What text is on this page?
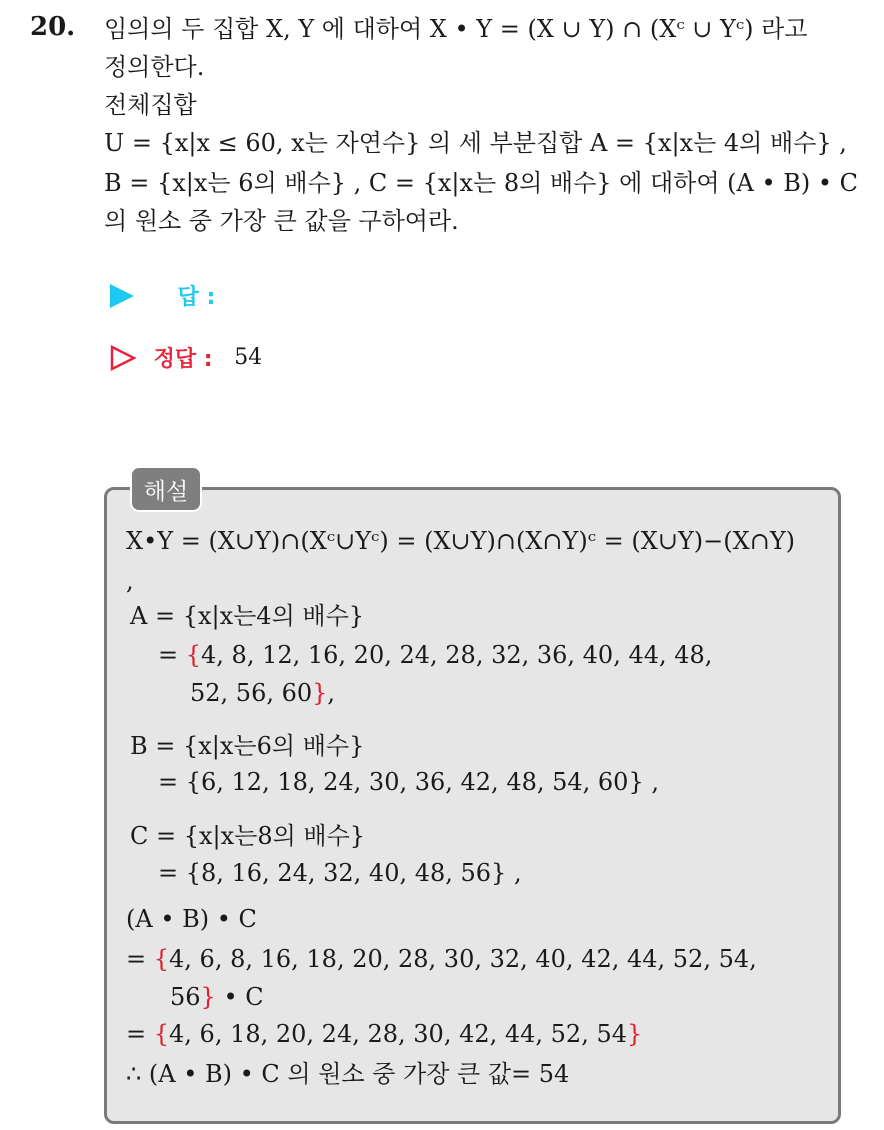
20. 임의의 두 집합 X, Y 에 대하여 X • Y = (X ∪ Y) ∩ (Xᶜ ∪ Yᶜ) 라고
정의한다.
전체집합
U = {x|x ≤ 60, x는 자연수} 의 세 부분집합 A = {x|x는 4의 배수} ,
B = {x|x는 6의 배수} , C = {x|x는 8의 배수} 에 대하여 (A • B) • C
의 원소 중 가장 큰 값을 구하여라.
답 :
정답 : 54
해설
X•Y = (X∪Y)∩(Xᶜ∪Yᶜ) = (X∪Y)∩(X∩Y)ᶜ = (X∪Y)−(X∩Y)
,
A = {x|x는4의 배수}
= {4, 8, 12, 16, 20, 24, 28, 32, 36, 40, 44, 48,
52, 56, 60},
B = {x|x는6의 배수}
= {6, 12, 18, 24, 30, 36, 42, 48, 54, 60} ,
C = {x|x는8의 배수}
= {8, 16, 24, 32, 40, 48, 56} ,
(A • B) • C
= {4, 6, 8, 16, 18, 20, 28, 30, 32, 40, 42, 44, 52, 54,
56} • C
= {4, 6, 18, 20, 24, 28, 30, 42, 44, 52, 54}
∴ (A • B) • C 의 원소 중 가장 큰 값= 54
